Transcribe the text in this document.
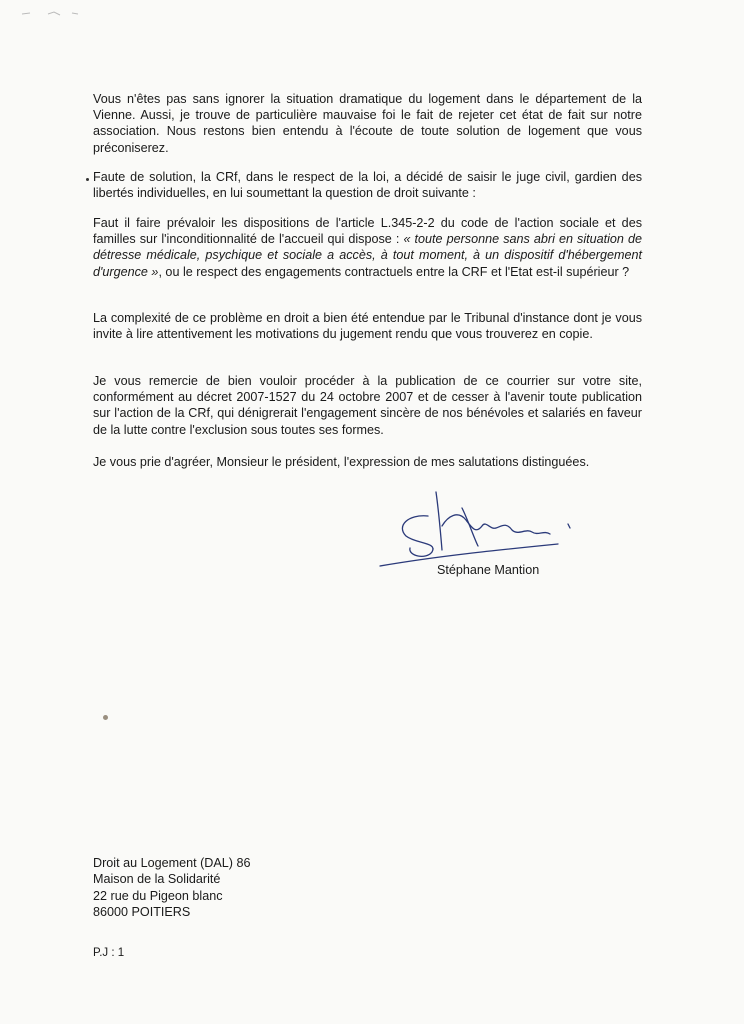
Vous n'êtes pas sans ignorer la situation dramatique du logement dans le département de la Vienne. Aussi, je trouve de particulière mauvaise foi le fait de rejeter cet état de fait sur notre association. Nous restons bien entendu à l'écoute de toute solution de logement que vous préconiserez.

Faute de solution, la CRf, dans le respect de la loi, a décidé de saisir le juge civil, gardien des libertés individuelles, en lui soumettant la question de droit suivante :

Faut il faire prévaloir les dispositions de l'article L.345-2-2 du code de l'action sociale et des familles sur l'inconditionnalité de l'accueil qui dispose : « toute personne sans abri en situation de détresse médicale, psychique et sociale a accès, à tout moment, à un dispositif d'hébergement d'urgence », ou le respect des engagements contractuels entre la CRF et l'Etat est-il supérieur ?

La complexité de ce problème en droit a bien été entendue par le Tribunal d'instance dont je vous invite à lire attentivement les motivations du jugement rendu que vous trouverez en copie.

Je vous remercie de bien vouloir procéder à la publication de ce courrier sur votre site, conformément au décret 2007-1527 du 24 octobre 2007 et de cesser à l'avenir toute publication sur l'action de la CRf, qui dénigrerait l'engagement sincère de nos bénévoles et salariés en faveur de la lutte contre l'exclusion sous toutes ses formes.

Je vous prie d'agréer, Monsieur le président, l'expression de mes salutations distinguées.

Stéphane Mantion
Droit au Logement (DAL) 86
Maison de la Solidarité
22 rue du Pigeon blanc
86000 POITIERS
P.J : 1
